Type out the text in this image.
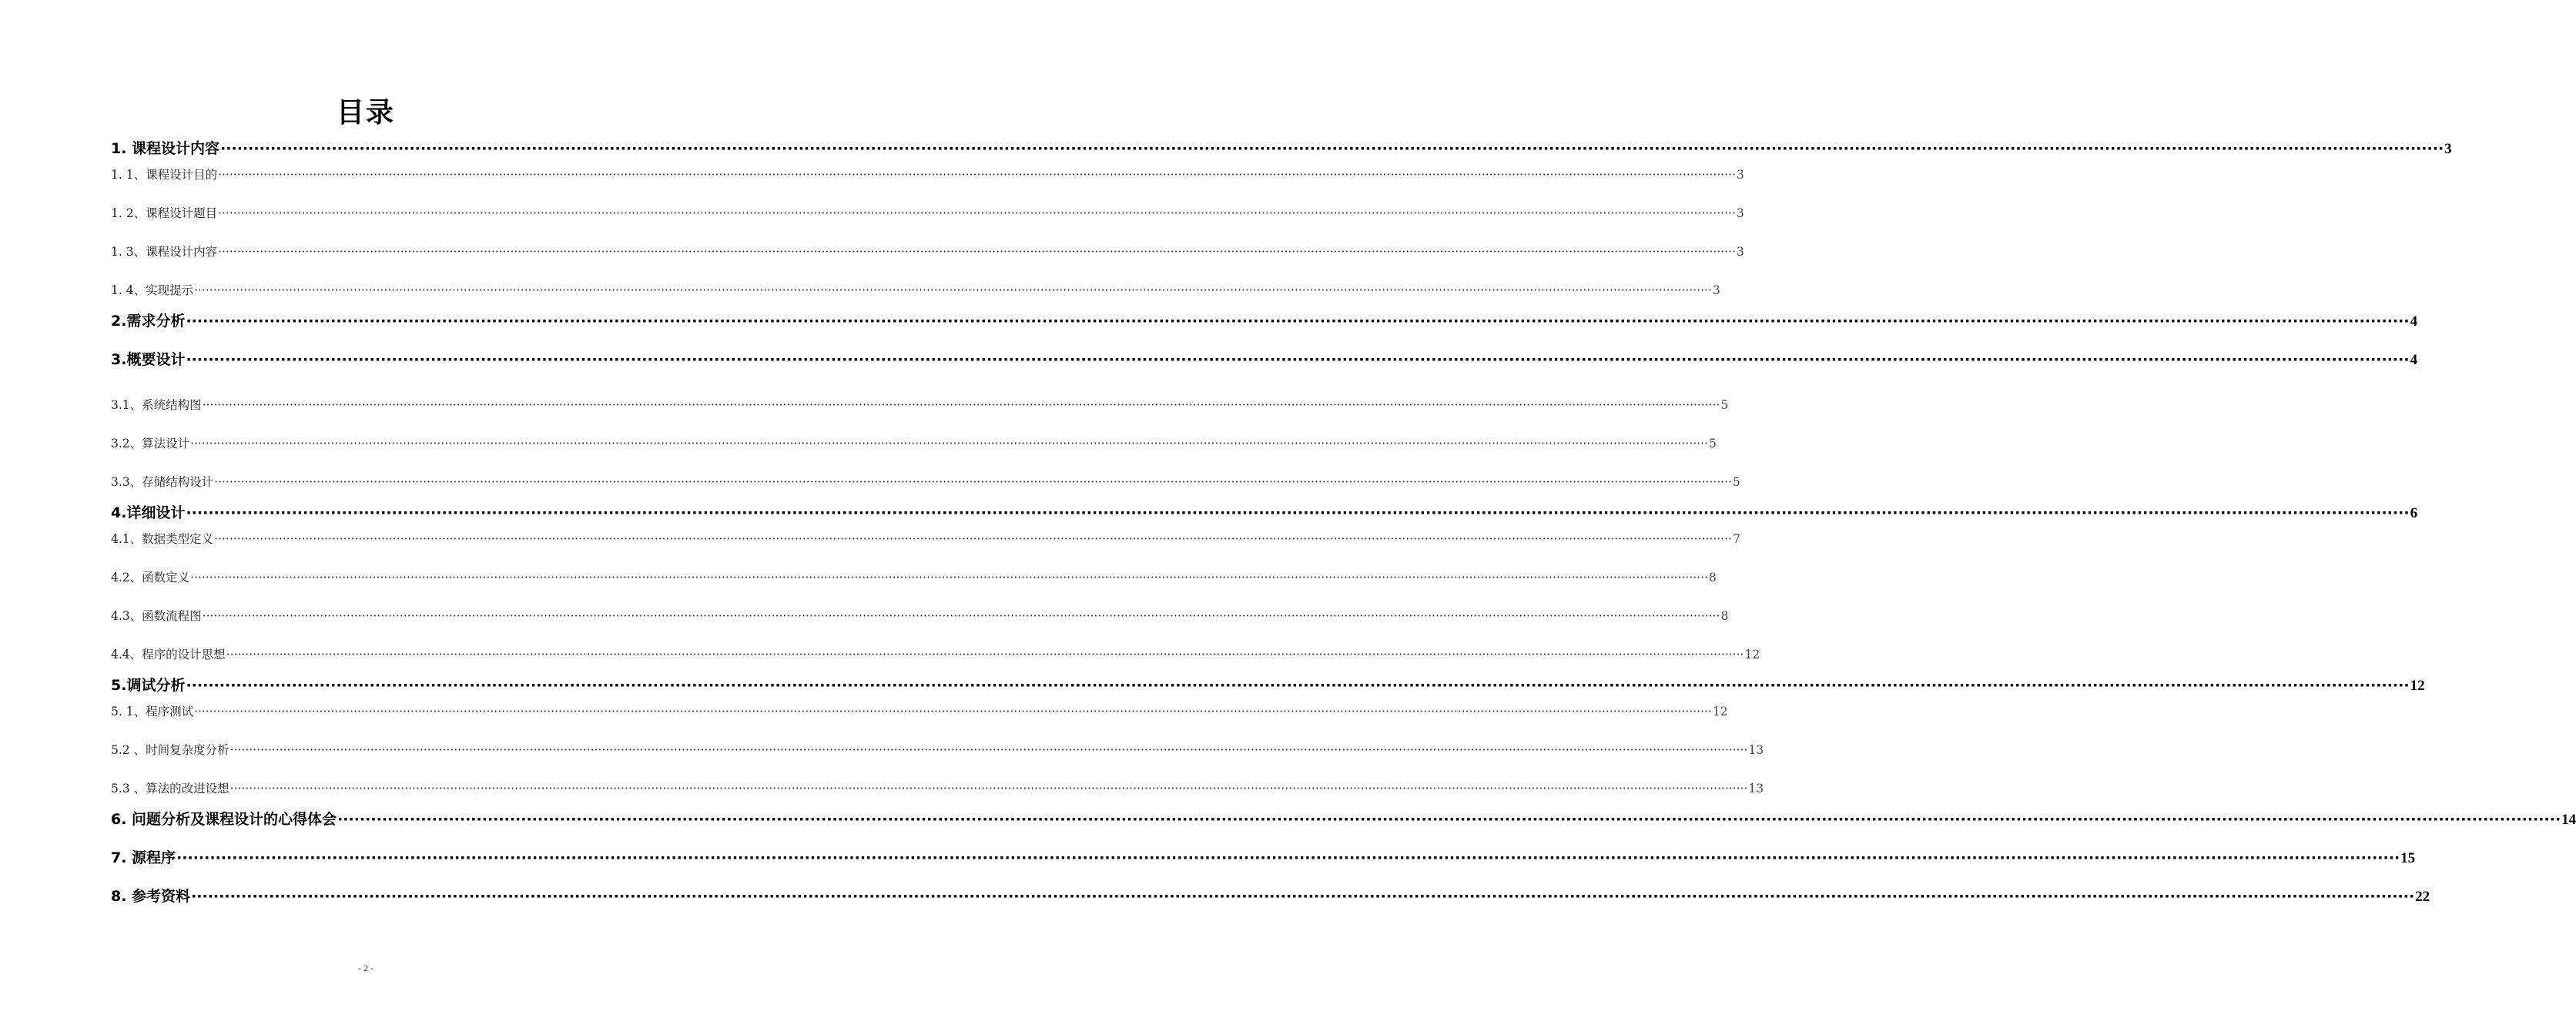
目录
1. 课程设计内容 ················································································································································································································································································································································································································ 3
1. 1、课程设计目的 ················································································································································································································································································································································································································ 3
1. 2、课程设计题目 ················································································································································································································································································································································································································ 3
1. 3、课程设计内容 ················································································································································································································································································································································································································ 3
1. 4、实现提示 ················································································································································································································································································································································································································ 3
2.需求分析 ················································································································································································································································································································································································································ 4
3.概要设计 ················································································································································································································································································································································································································ 4
3.1、系统结构图 ················································································································································································································································································································································································································ 5
3.2、算法设计 ················································································································································································································································································································································································································ 5
3.3、存储结构设计 ················································································································································································································································································································································································································ 5
4.详细设计 ················································································································································································································································································································································································································ 6
4.1、数据类型定义 ················································································································································································································································································································································································································ 7
4.2、函数定义 ················································································································································································································································································································································································································ 8
4.3、函数流程图 ················································································································································································································································································································································································································ 8
4.4、程序的设计思想 ················································································································································································································································································································································································································ 12
5.调试分析 ················································································································································································································································································································································································································ 12
5. 1、程序测试 ················································································································································································································································································································································································································ 12
5.2 、时间复杂度分析 ················································································································································································································································································································································································································ 13
5.3 、算法的改进设想 ················································································································································································································································································································································································································ 13
6. 问题分析及课程设计的心得体会 ················································································································································································································································································································································································································ 14
7. 源程序 ················································································································································································································································································································································································································ 15
8. 参考资料 ················································································································································································································································································································································································································ 22
- 2 -
